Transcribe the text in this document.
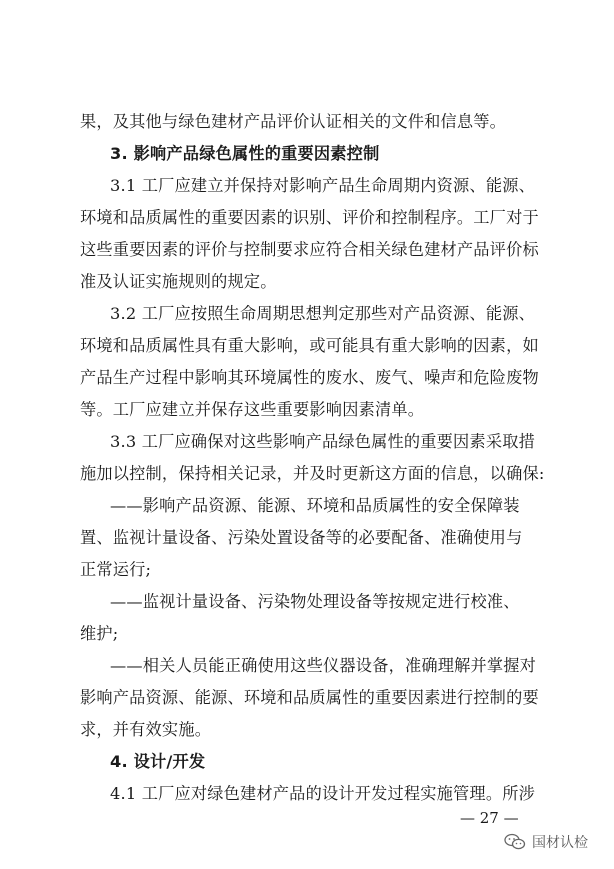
果，及其他与绿色建材产品评价认证相关的文件和信息等。
3. 影响产品绿色属性的重要因素控制
3.1 工厂应建立并保持对影响产品生命周期内资源、能源、
环境和品质属性的重要因素的识别、评价和控制程序。工厂对于
这些重要因素的评价与控制要求应符合相关绿色建材产品评价标
准及认证实施规则的规定。
3.2 工厂应按照生命周期思想判定那些对产品资源、能源、
环境和品质属性具有重大影响，或可能具有重大影响的因素，如
产品生产过程中影响其环境属性的废水、废气、噪声和危险废物
等。工厂应建立并保存这些重要影响因素清单。
3.3 工厂应确保对这些影响产品绿色属性的重要因素采取措
施加以控制，保持相关记录，并及时更新这方面的信息，以确保:
——影响产品资源、能源、环境和品质属性的安全保障装
置、监视计量设备、污染处置设备等的必要配备、准确使用与
正常运行;
——监视计量设备、污染物处理设备等按规定进行校准、
维护;
——相关人员能正确使用这些仪器设备，准确理解并掌握对
影响产品资源、能源、环境和品质属性的重要因素进行控制的要
求，并有效实施。
4. 设计/开发
4.1 工厂应对绿色建材产品的设计开发过程实施管理。所涉
— 27 —
国材认检
